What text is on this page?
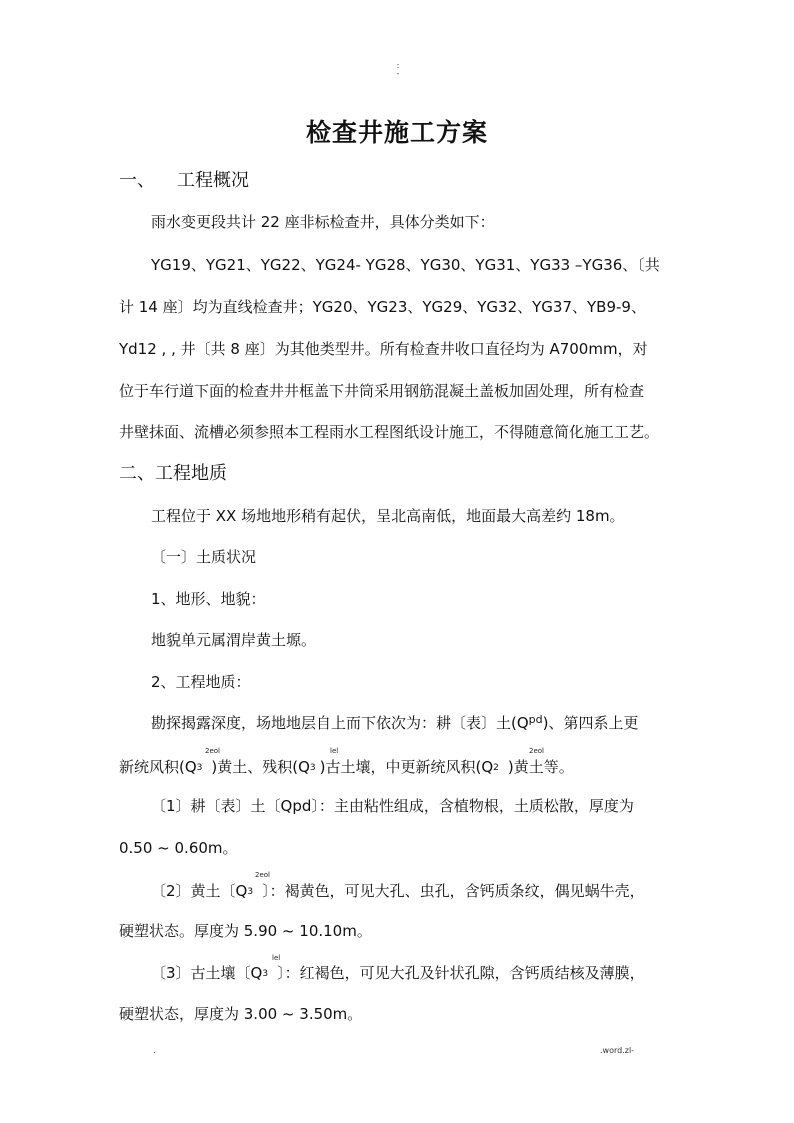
:
-
检查井施工方案
一、 工程概况
雨水变更段共计 22 座非标检查井，具体分类如下：
YG19、YG21、YG22、YG24- YG28、YG30、YG31、YG33 –YG36、〔共
计 14 座〕均为直线检查井；YG20、YG23、YG29、YG32、YG37、YB9-9、
Yd12 , , 井〔共 8 座〕为其他类型井。所有检查井收口直径均为 A700mm，对
位于车行道下面的检查井井框盖下井筒采用钢筋混凝土盖板加固处理，所有检查
井壁抹面、流槽必须参照本工程雨水工程图纸设计施工，不得随意简化施工工艺。
二、工程地质
工程位于 XX 场地地形稍有起伏，呈北高南低，地面最大高差约 18m。
〔一〕土质状况
1、地形、地貌：
地貌单元属渭岸黄土塬。
2、工程地质：
勘探揭露深度，场地地层自上而下依次为：耕〔表〕土$(Q^{pd})$、第四系上更
新统风积(Q3 )黄土、残积(Q3 )古土壤，中更新统风积(Q2 )黄土等。
2eol	lel	2eol
〔1〕耕〔表〕土〔Qpd〕：主由粘性组成，含植物根，土质松散，厚度为
0.50 ~ 0.60m。
〔2〕黄土〔Q3 〕：褐黄色，可见大孔、虫孔，含钙质条纹，偶见蜗牛壳，
2eol
硬塑状态。厚度为 5.90 ~ 10.10m。
〔3〕古土壤〔Q3 〕：红褐色，可见大孔及针状孔隙，含钙质结核及薄膜，
lel
硬塑状态，厚度为 3.00 ~ 3.50m。
.	.word.zl-
